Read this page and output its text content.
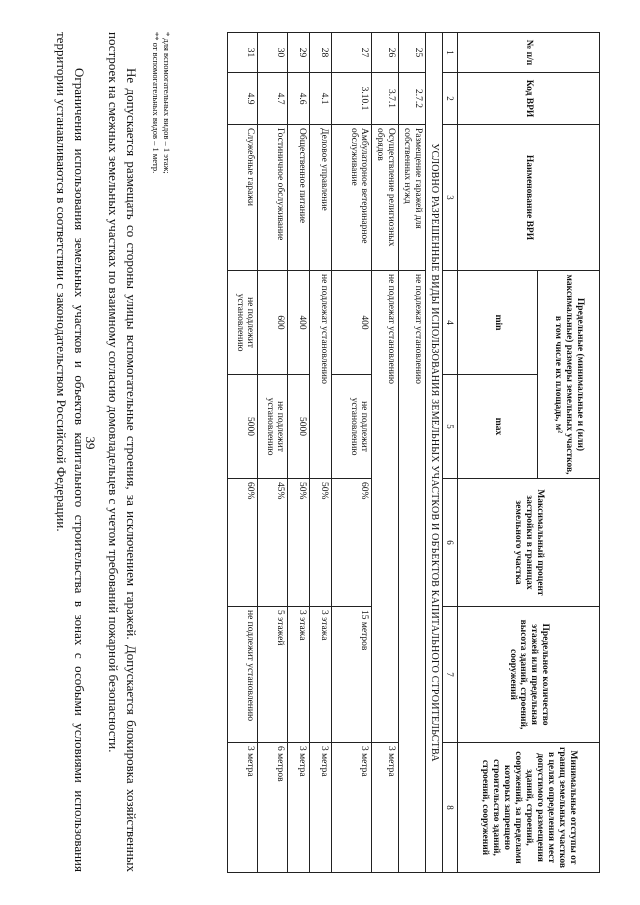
39
№ п/п	Код ВРИ	Наименование ВРИ	Предельные (минимальные и (или) максимальные) размеры земельных участков, в том числе их площадь, м²		Максимальный процент застройки в границах земельного участка	Предельное количество этажей или предельная высота зданий, строений, сооружений	Минимальные отступы от границ земельных участков в целях определения мест допустимого размещения зданий, строений, сооружений, за пределами которых запрещено строительство зданий, строений, сооружений
			min	max			
1	2	3	4	5	6	7	8
УСЛОВНО РАЗРЕШЕННЫЕ ВИДЫ ИСПОЛЬЗОВАНИЯ ЗЕМЕЛЬНЫХ УЧАСТКОВ И ОБЪЕКТОВ КАПИТАЛЬНОГО СТРОИТЕЛЬСТВА							
25	2.7.2	Размещение гаражей для собственных нужд	не подлежат установлению				
26	3.7.1	Осуществление религиозных обрядов	не подлежат установлению				3 метра
27	3.10.1	Амбулаторное ветеринарное обслуживание	400	не подлежит установлению	60%	15 метров	3 метра
28	4.1	Деловое управление	не подлежат установлению		50%	3 этажа	3 метра
29	4.6	Общественное питание	400	5000	50%	3 этажа	3 метра
30	4.7	Гостиничное обслуживание	600	не подлежит установлению	45%	5 этажей	6 метров
31	4.9	Служебные гаражи	не подлежит установлению	5000	60%	не подлежит установлению	3 метра
* для вспомогательных видов – 1 этаж;
** от вспомогательных видов – 1 метр.
Не допускается размещать со стороны улицы вспомогательные строения, за исключением гаражей. Допускается блокировка хозяйственных построек на смежных земельных участках по взаимному согласию домовладельцев с учетом требований пожарной безопасности.
Ограничения использования земельных участков и объектов капитального строительства в зонах с особыми условиями использования территории устанавливаются в соответствии с законодательством Российской Федерации.
